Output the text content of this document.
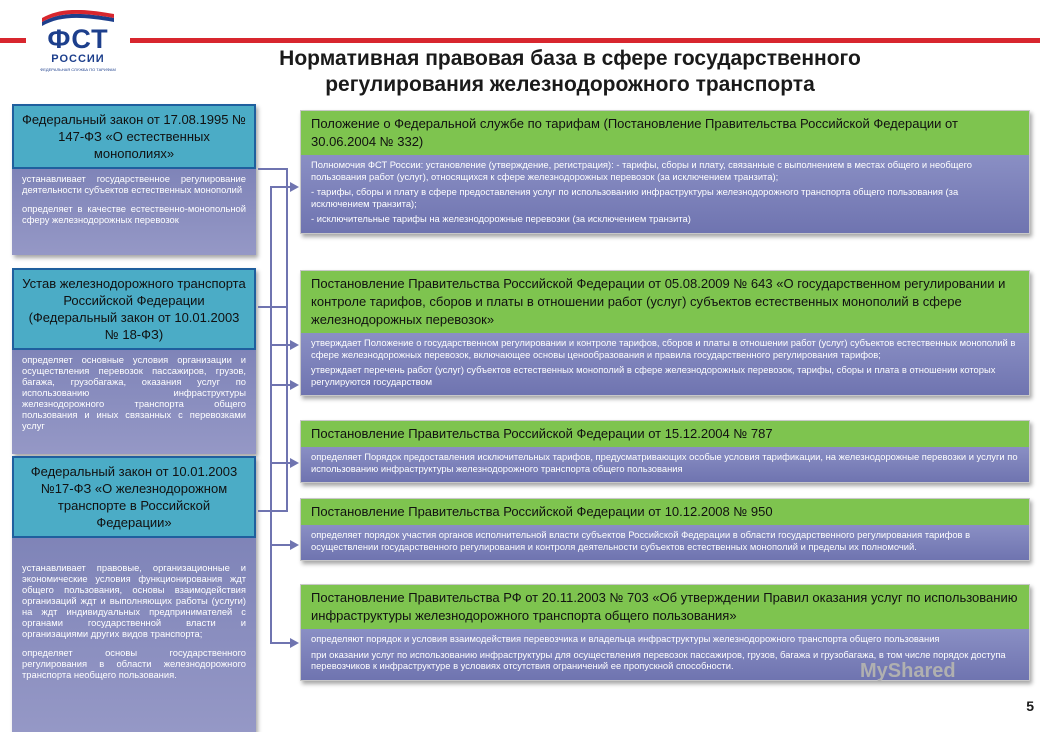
ФСТ
РОССИИ
ФЕДЕРАЛЬНАЯ СЛУЖБА ПО ТАРИФАМ	Нормативная правовая база в сфере государственного
регулирования железнодорожного транспорта
Федеральный закон от 17.08.1995 № 147-ФЗ «О естественных монополиях»

устанавливает государственное регулирование деятельности субъектов естественных монополий

определяет в качестве естественно-монопольной сферу железнодорожных перевозок

Устав железнодорожного транспорта Российской Федерации (Федеральный закон от 10.01.2003 № 18-ФЗ)

определяет основные условия организации и осуществления перевозок пассажиров, грузов, багажа, грузобагажа, оказания услуг по использованию инфраструктуры железнодорожного транспорта общего пользования и иных связанных с перевозками услуг

Федеральный закон от 10.01.2003 №17-ФЗ «О железнодорожном транспорте в Российской Федерации»

устанавливает правовые, организационные и экономические условия функционирования ждт общего пользования, основы взаимодействия организаций ждт и выполняющих работы (услуги) на ждт индивидуальных предпринимателей с органами государственной власти и организациями других видов транспорта;

определяет основы государственного регулирования в области железнодорожного транспорта необщего пользования.

Положение о Федеральной службе по тарифам (Постановление Правительства Российской Федерации от 30.06.2004 № 332)

Полномочия ФСТ России: установление (утверждение, регистрация): - тарифы, сборы и плату, связанные с выполнением в местах общего и необщего пользования работ (услуг), относящихся к сфере железнодорожных перевозок (за исключением транзита);

- тарифы, сборы и плату в сфере предоставления услуг по использованию инфраструктуры железнодорожного транспорта общего пользования (за исключением транзита);

- исключительные тарифы на железнодорожные перевозки (за исключением транзита)

Постановление Правительства Российской Федерации от 05.08.2009 № 643 «О государственном регулировании и контроле тарифов, сборов и платы в отношении работ (услуг) субъектов естественных монополий в сфере железнодорожных перевозок»

утверждает Положение о государственном регулировании и контроле тарифов, сборов и платы в отношении работ (услуг) субъектов естественных монополий в сфере железнодорожных перевозок, включающее основы ценообразования и правила государственного регулирования тарифов;

утверждает перечень работ (услуг) субъектов естественных монополий в сфере железнодорожных перевозок, тарифы, сборы и плата в отношении которых регулируются государством

Постановление Правительства Российской Федерации от 15.12.2004 № 787

определяет Порядок предоставления исключительных тарифов, предусматривающих особые условия тарификации, на железнодорожные перевозки и услуги по использованию инфраструктуры железнодорожного транспорта общего пользования

Постановление Правительства Российской Федерации от 10.12.2008 № 950

определяет порядок участия органов исполнительной власти субъектов Российской Федерации в области государственного регулирования тарифов в осуществлении государственного регулирования и контроля деятельности субъектов естественных монополий и пределы их полномочий.

Постановление Правительства РФ от 20.11.2003 № 703 «Об утверждении Правил оказания услуг по использованию инфраструктуры железнодорожного транспорта общего пользования»

определяют порядок и условия взаимодействия перевозчика и владельца инфраструктуры железнодорожного транспорта общего пользования

при оказании услуг по использованию инфраструктуры для осуществления перевозок пассажиров, грузов, багажа и грузобагажа, в том числе порядок доступа перевозчиков к инфраструктуре в условиях отсутствия ограничений ее пропускной способности.	MyShared
5
